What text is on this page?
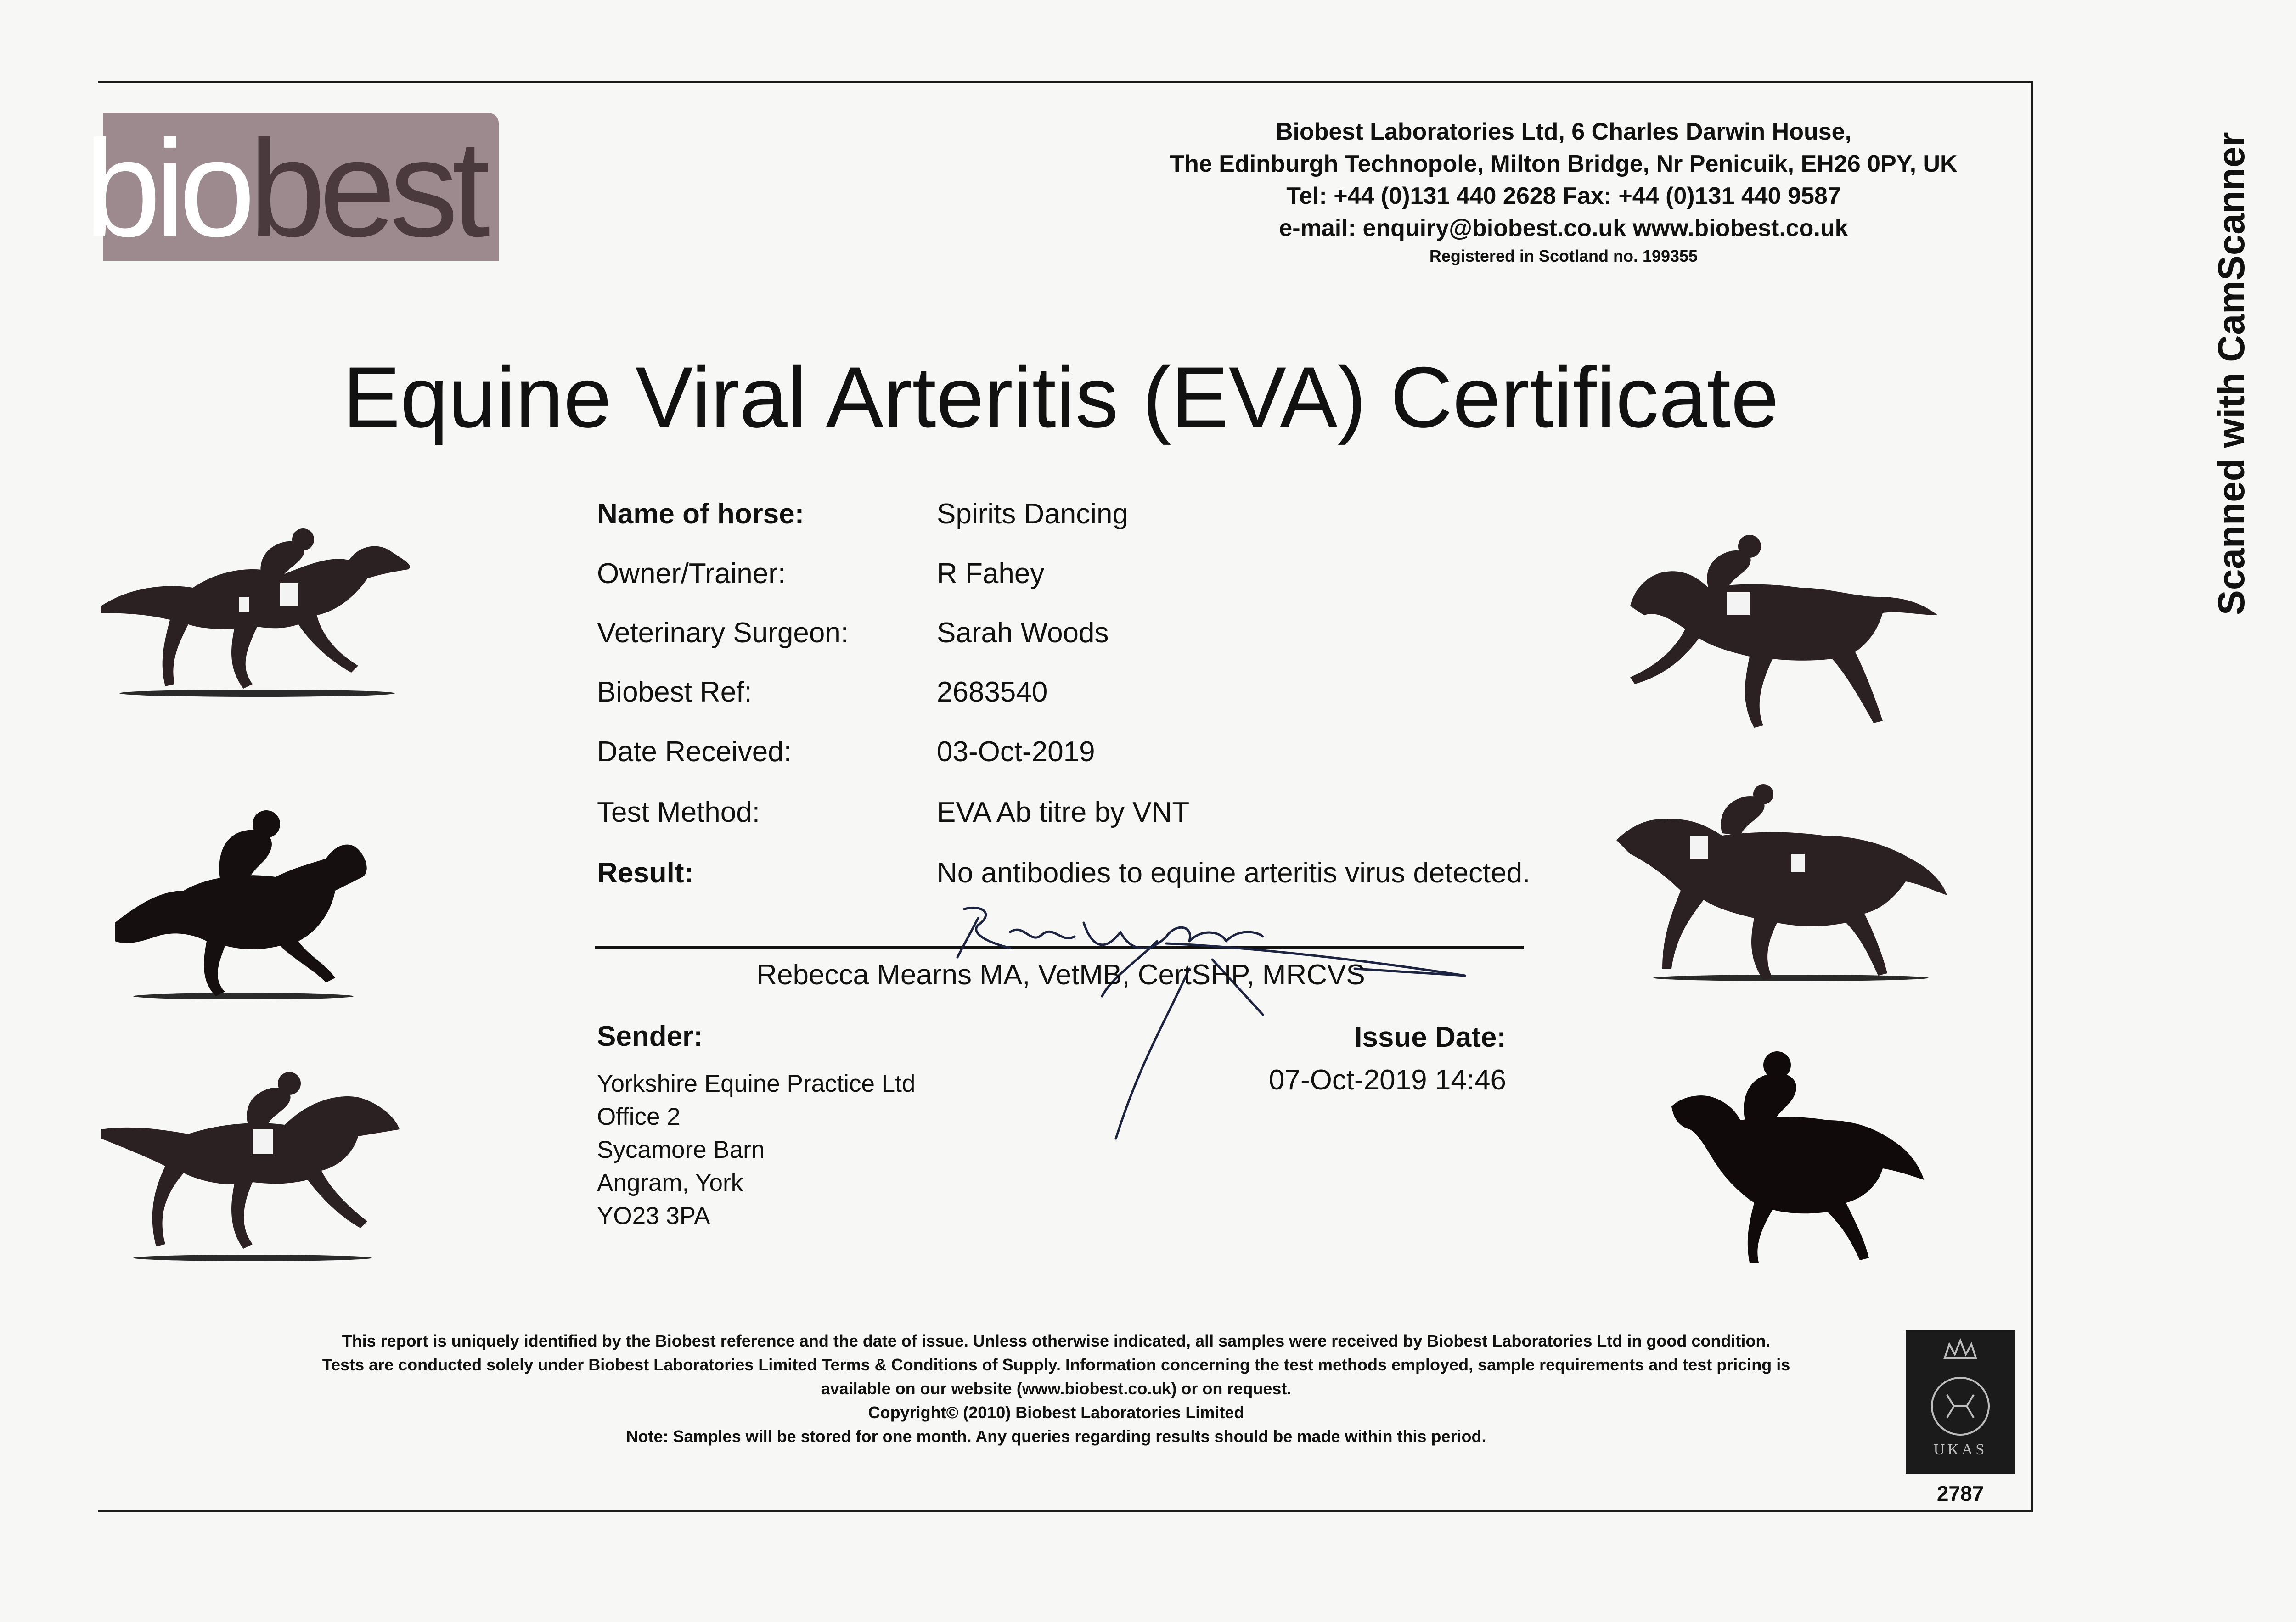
biobest	Biobest Laboratories Ltd, 6 Charles Darwin House,
The Edinburgh Technopole, Milton Bridge, Nr Penicuik, EH26 0PY, UK
Tel: +44 (0)131 440 2628 Fax: +44 (0)131 440 9587
e-mail: enquiry@biobest.co.uk www.biobest.co.uk
Registered in Scotland no. 199355
Equine Viral Arteritis (EVA) Certificate
Name of horse:	Spirits Dancing
Owner/Trainer:	R Fahey
Veterinary Surgeon:	Sarah Woods
Biobest Ref:	2683540
Date Received:	03-Oct-2019
Test Method:	EVA Ab titre by VNT
Result:	No antibodies to equine arteritis virus detected.
Rebecca Mearns MA, VetMB, CertSHP, MRCVS
Sender:
Yorkshire Equine Practice Ltd
Office 2
Sycamore Barn
Angram, York
YO23 3PA
Issue Date:
07-Oct-2019 14:46
This report is uniquely identified by the Biobest reference and the date of issue. Unless otherwise indicated, all samples were received by Biobest Laboratories Ltd in good condition.
Tests are conducted solely under Biobest Laboratories Limited Terms & Conditions of Supply. Information concerning the test methods employed, sample requirements and test pricing is
available on our website (www.biobest.co.uk) or on request.
Copyright© (2010) Biobest Laboratories Limited
Note: Samples will be stored for one month. Any queries regarding results should be made within this period.
UKAS
2787
Scanned with CamScanner
